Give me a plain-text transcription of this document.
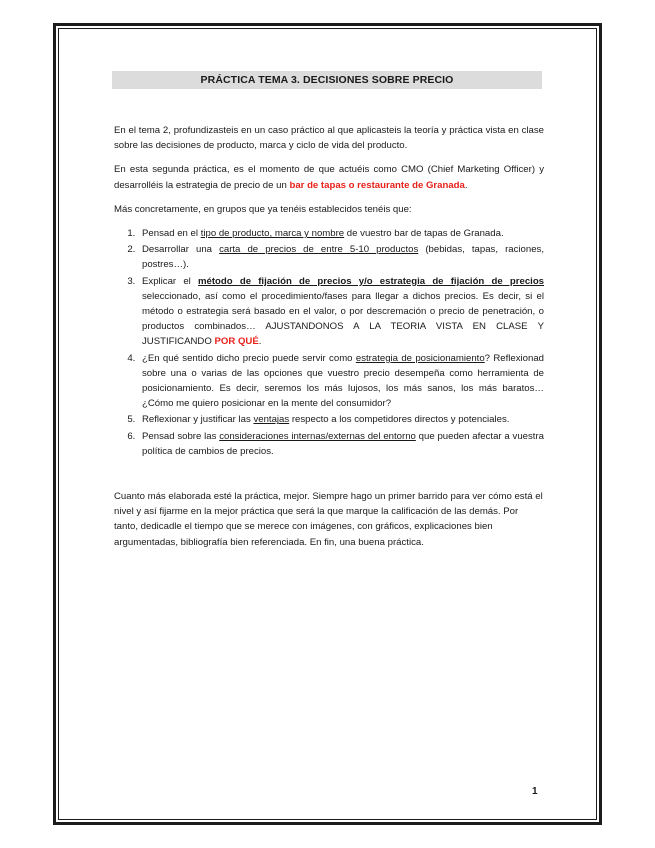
PRÁCTICA TEMA 3. DECISIONES SOBRE PRECIO

En el tema 2, profundizasteis en un caso práctico al que aplicasteis la teoría y práctica vista en clase sobre las decisiones de producto, marca y ciclo de vida del producto.

En esta segunda práctica, es el momento de que actuéis como CMO (Chief Marketing Officer) y desarrolléis la estrategia de precio de un bar de tapas o restaurante de Granada.

Más concretamente, en grupos que ya tenéis establecidos tenéis que:

1. Pensad en el tipo de producto, marca y nombre de vuestro bar de tapas de Granada.
2. Desarrollar una carta de precios de entre 5-10 productos (bebidas, tapas, raciones, postres…).
3. Explicar el método de fijación de precios y/o estrategia de fijación de precios seleccionado, así como el procedimiento/fases para llegar a dichos precios. Es decir, si el método o estrategia será basado en el valor, o por descremación o precio de penetración, o productos combinados… AJUSTANDONOS A LA TEORIA VISTA EN CLASE Y JUSTIFICANDO POR QUÉ.
4. ¿En qué sentido dicho precio puede servir como estrategia de posicionamiento? Reflexionad sobre una o varias de las opciones que vuestro precio desempeña como herramienta de posicionamiento. Es decir, seremos los más lujosos, los más sanos, los más baratos… ¿Cómo me quiero posicionar en la mente del consumidor?
5. Reflexionar y justificar las ventajas respecto a los competidores directos y potenciales.
6. Pensad sobre las consideraciones internas/externas del entorno que pueden afectar a vuestra política de cambios de precios.

Cuanto más elaborada esté la práctica, mejor. Siempre hago un primer barrido para ver cómo está el nivel y así fijarme en la mejor práctica que será la que marque la calificación de las demás. Por tanto, dedicadle el tiempo que se merece con imágenes, con gráficos, explicaciones bien argumentadas, bibliografía bien referenciada. En fin, una buena práctica.

1
